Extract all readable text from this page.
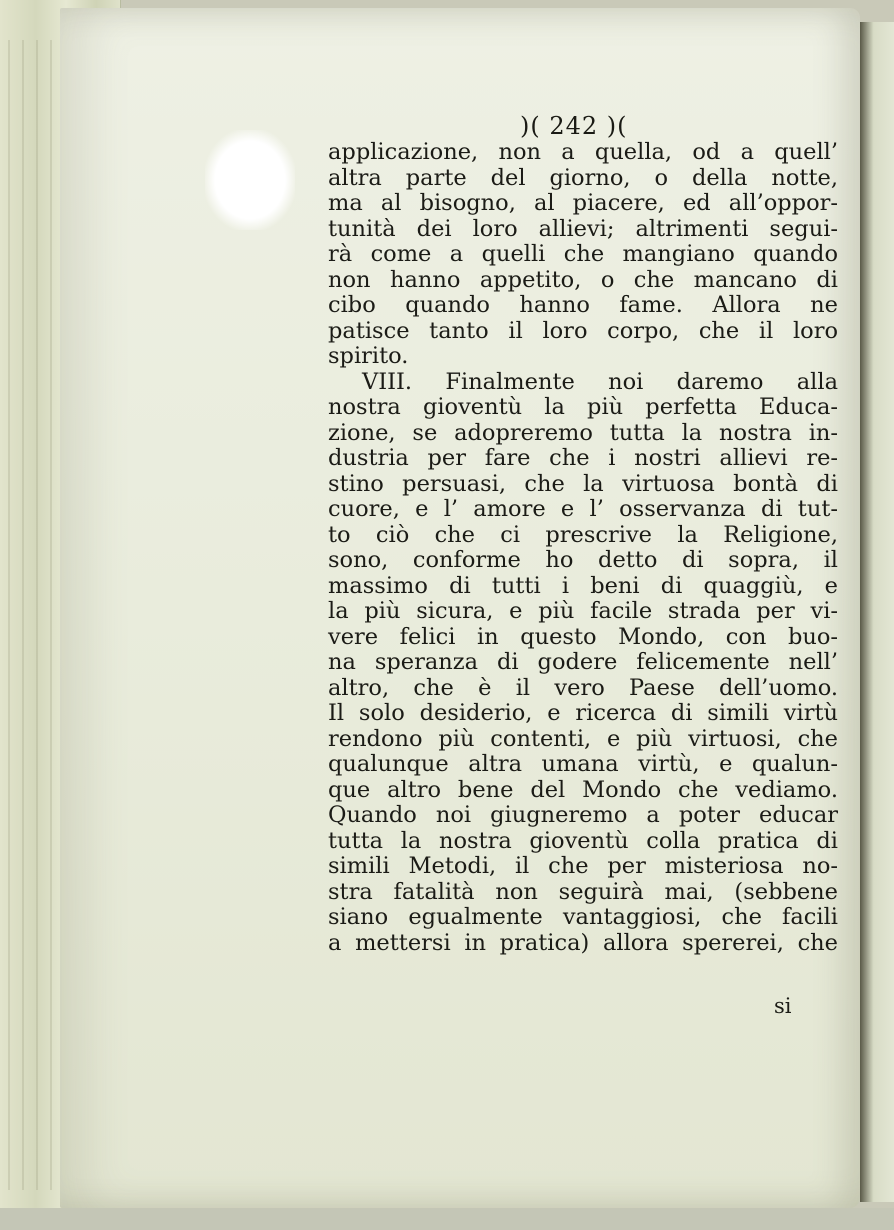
)( 242 )(
applicazione, non a quella, od a quell’
altra parte del giorno, o della notte,
ma al bisogno, al piacere, ed all’oppor-
tunità dei loro allievi; altrimenti segui-
rà come a quelli che mangiano quando
non hanno appetito, o che mancano di
cibo quando hanno fame. Allora ne
patisce tanto il loro corpo, che il loro
spirito.
VIII. Finalmente noi daremo alla
nostra gioventù la più perfetta Educa-
zione, se adopreremo tutta la nostra in-
dustria per fare che i nostri allievi re-
stino persuasi, che la virtuosa bontà di
cuore, e l’ amore e l’ osservanza di tut-
to ciò che ci prescrive la Religione,
sono, conforme ho detto di sopra, il
massimo di tutti i beni di quaggiù, e
la più sicura, e più facile strada per vi-
vere felici in questo Mondo, con buo-
na speranza di godere felicemente nell’
altro, che è il vero Paese dell’uomo.
Il solo desiderio, e ricerca di simili virtù
rendono più contenti, e più virtuosi, che
qualunque altra umana virtù, e qualun-
que altro bene del Mondo che vediamo.
Quando noi giugneremo a poter educar
tutta la nostra gioventù colla pratica di
simili Metodi, il che per misteriosa no-
stra fatalità non seguirà mai, (sebbene
siano egualmente vantaggiosi, che facili
a mettersi in pratica) allora spererei, che
si
